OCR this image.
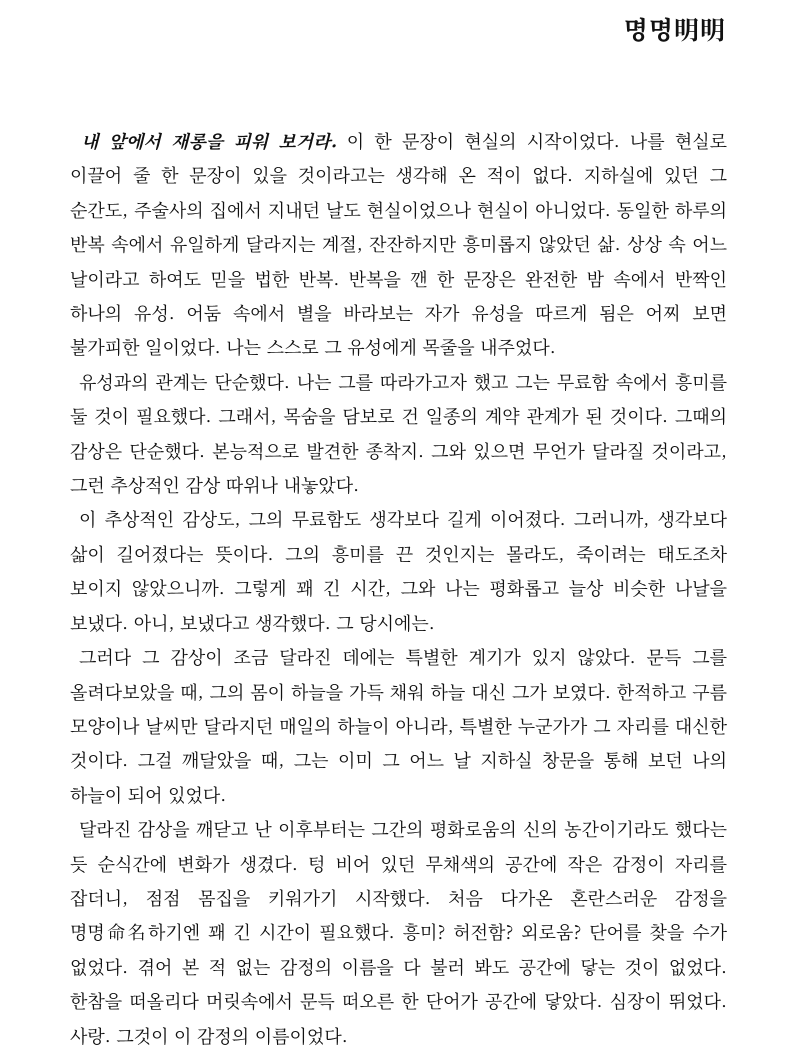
명명明明

내 앞에서 재롱을 피워 보거라. 이 한 문장이 현실의 시작이었다. 나를 현실로 이끌어 줄 한 문장이 있을 것이라고는 생각해 온 적이 없다. 지하실에 있던 그 순간도, 주술사의 집에서 지내던 날도 현실이었으나 현실이 아니었다. 동일한 하루의 반복 속에서 유일하게 달라지는 계절, 잔잔하지만 흥미롭지 않았던 삶. 상상 속 어느 날이라고 하여도 믿을 법한 반복. 반복을 깬 한 문장은 완전한 밤 속에서 반짝인 하나의 유성. 어둠 속에서 별을 바라보는 자가 유성을 따르게 됨은 어찌 보면 불가피한 일이었다. 나는 스스로 그 유성에게 목줄을 내주었다.

유성과의 관계는 단순했다. 나는 그를 따라가고자 했고 그는 무료함 속에서 흥미를 둘 것이 필요했다. 그래서, 목숨을 담보로 건 일종의 계약 관계가 된 것이다. 그때의 감상은 단순했다. 본능적으로 발견한 종착지. 그와 있으면 무언가 달라질 것이라고, 그런 추상적인 감상 따위나 내놓았다.

이 추상적인 감상도, 그의 무료함도 생각보다 길게 이어졌다. 그러니까, 생각보다 삶이 길어졌다는 뜻이다. 그의 흥미를 끈 것인지는 몰라도, 죽이려는 태도조차 보이지 않았으니까. 그렇게 꽤 긴 시간, 그와 나는 평화롭고 늘상 비슷한 나날을 보냈다. 아니, 보냈다고 생각했다. 그 당시에는.

그러다 그 감상이 조금 달라진 데에는 특별한 계기가 있지 않았다. 문득 그를 올려다보았을 때, 그의 몸이 하늘을 가득 채워 하늘 대신 그가 보였다. 한적하고 구름 모양이나 날씨만 달라지던 매일의 하늘이 아니라, 특별한 누군가가 그 자리를 대신한 것이다. 그걸 깨달았을 때, 그는 이미 그 어느 날 지하실 창문을 통해 보던 나의 하늘이 되어 있었다.

달라진 감상을 깨닫고 난 이후부터는 그간의 평화로움의 신의 농간이기라도 했다는 듯 순식간에 변화가 생겼다. 텅 비어 있던 무채색의 공간에 작은 감정이 자리를 잡더니, 점점 몸집을 키워가기 시작했다. 처음 다가온 혼란스러운 감정을 명명命名하기엔 꽤 긴 시간이 필요했다. 흥미? 허전함? 외로움? 단어를 찾을 수가 없었다. 겪어 본 적 없는 감정의 이름을 다 불러 봐도 공간에 닿는 것이 없었다. 한참을 떠올리다 머릿속에서 문득 떠오른 한 단어가 공간에 닿았다. 심장이 뛰었다. 사랑. 그것이 이 감정의 이름이었다.
